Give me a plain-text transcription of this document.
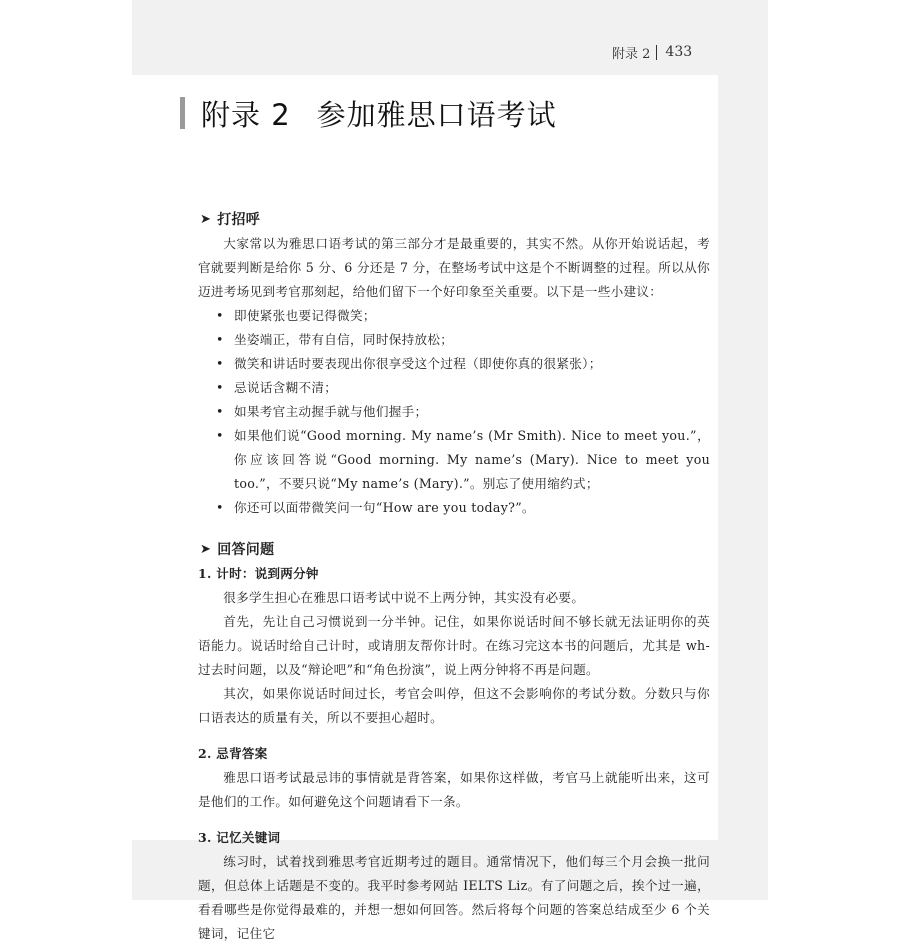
附录 2 433
附录 2 参加雅思口语考试
➤ 打招呼

大家常以为雅思口语考试的第三部分才是最重要的，其实不然。从你开始说话起，考官就要判断是给你 5 分、6 分还是 7 分，在整场考试中这是个不断调整的过程。所以从你迈进考场见到考官那刻起，给他们留下一个好印象至关重要。以下是一些小建议：

• 即使紧张也要记得微笑；
• 坐姿端正，带有自信，同时保持放松；
• 微笑和讲话时要表现出你很享受这个过程（即使你真的很紧张）；
• 忌说话含糊不清；
• 如果考官主动握手就与他们握手；
• 如果他们说“Good morning. My name’s (Mr Smith). Nice to meet you.”，你应该回答说“Good morning. My name’s (Mary). Nice to meet you too.”，不要只说“My name’s (Mary).”。别忘了使用缩约式；
• 你还可以面带微笑问一句“How are you today?”。
➤ 回答问题

1. 计时：说到两分钟

很多学生担心在雅思口语考试中说不上两分钟，其实没有必要。

首先，先让自己习惯说到一分半钟。记住，如果你说话时间不够长就无法证明你的英语能力。说话时给自己计时，或请朋友帮你计时。在练习完这本书的问题后，尤其是 wh- 过去时问题，以及“辩论吧”和“角色扮演”，说上两分钟将不再是问题。

其次，如果你说话时间过长，考官会叫停，但这不会影响你的考试分数。分数只与你口语表达的质量有关，所以不要担心超时。

2. 忌背答案

雅思口语考试最忌讳的事情就是背答案，如果你这样做，考官马上就能听出来，这可是他们的工作。如何避免这个问题请看下一条。

3. 记忆关键词

练习时，试着找到雅思考官近期考过的题目。通常情况下，他们每三个月会换一批问题，但总体上话题是不变的。我平时参考网站 IELTS Liz。有了问题之后，挨个过一遍，看看哪些是你觉得最难的，并想一想如何回答。然后将每个问题的答案总结成至少 6 个关键词，记住它
